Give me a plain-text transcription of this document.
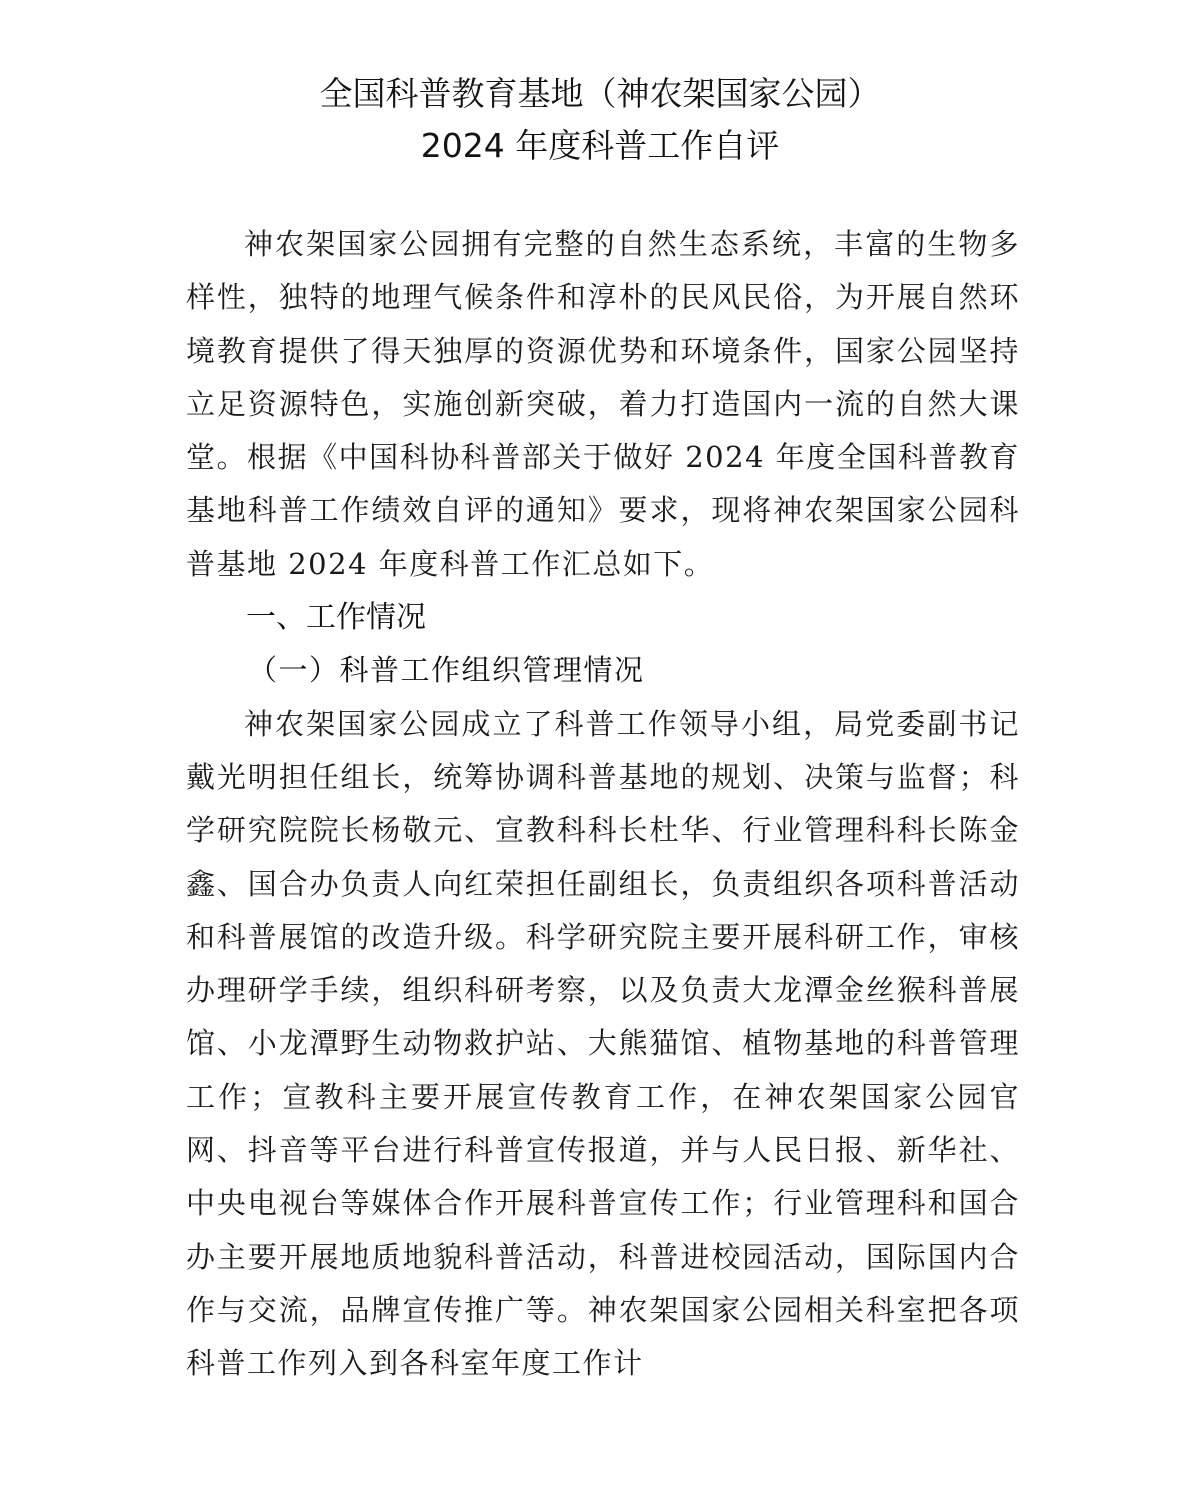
全国科普教育基地（神农架国家公园）
2024 年度科普工作自评

神农架国家公园拥有完整的自然生态系统，丰富的生物多样性，独特的地理气候条件和淳朴的民风民俗，为开展自然环境教育提供了得天独厚的资源优势和环境条件，国家公园坚持立足资源特色，实施创新突破，着力打造国内一流的自然大课堂。根据《中国科协科普部关于做好 2024 年度全国科普教育基地科普工作绩效自评的通知》要求，现将神农架国家公园科普基地 2024 年度科普工作汇总如下。

一、工作情况

（一）科普工作组织管理情况

神农架国家公园成立了科普工作领导小组，局党委副书记戴光明担任组长，统筹协调科普基地的规划、决策与监督；科学研究院院长杨敬元、宣教科科长杜华、行业管理科科长陈金鑫、国合办负责人向红荣担任副组长，负责组织各项科普活动和科普展馆的改造升级。科学研究院主要开展科研工作，审核办理研学手续，组织科研考察，以及负责大龙潭金丝猴科普展馆、小龙潭野生动物救护站、大熊猫馆、植物基地的科普管理工作；宣教科主要开展宣传教育工作，在神农架国家公园官网、抖音等平台进行科普宣传报道，并与人民日报、新华社、中央电视台等媒体合作开展科普宣传工作；行业管理科和国合办主要开展地质地貌科普活动，科普进校园活动，国际国内合作与交流，品牌宣传推广等。神农架国家公园相关科室把各项科普工作列入到各科室年度工作计
